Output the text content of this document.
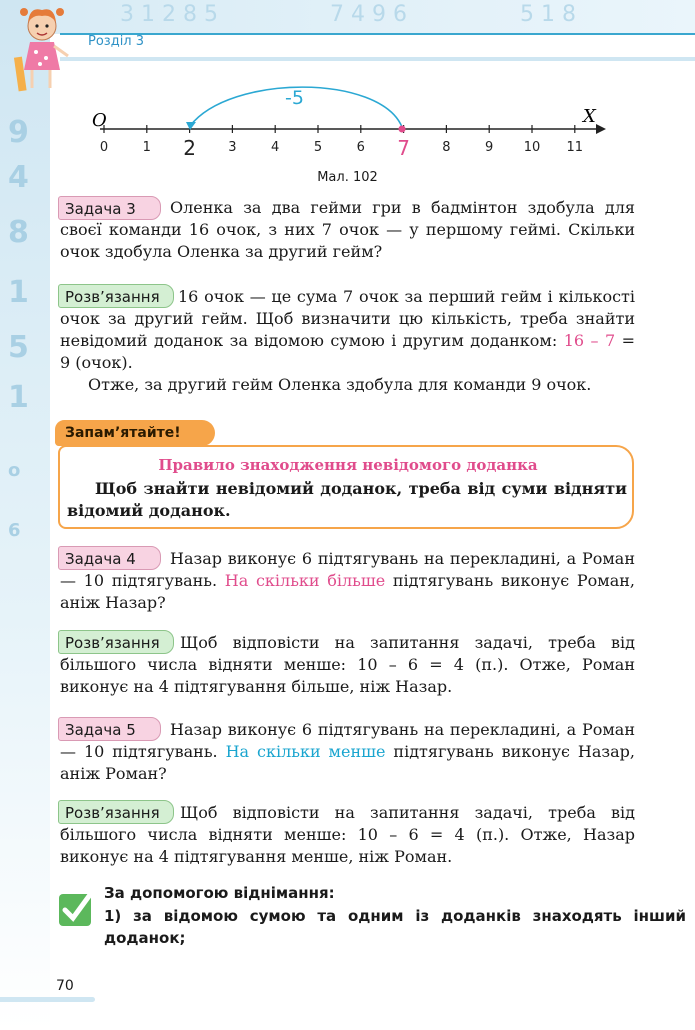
3 1 2 8 5	7 4 9 6	5 1 8
9
4
8
1
5
1
o
6
Розділ 3
O	X
0	1 2 3	4	5	6 7 8	9 10 11
-5
Мал. 102
Задача 3	Оленка за два гейми гри в бадмінтон здобула для своєї команди 16 очок, з них 7 очок — у першому геймі. Скільки очок здобула Оленка за другий гейм?
Розв’язання	16 очок — це сума 7 очок за перший гейм і кількості очок за другий гейм. Щоб визначити цю кількість, треба знайти невідомий доданок за відомою сумою і другим доданком: 16 – 7 = 9 (очок).
Отже, за другий гейм Оленка здобула для команди 9 очок.
Правило знаходження невідомого доданка
Щоб знайти невідомий доданок, треба від суми відняти відомий доданок.
Запам’ятайте!
Задача 4	Назар виконує 6 підтягувань на перекладині, а Роман — 10 підтягувань. На скільки більше підтягувань виконує Роман, аніж Назар?
Розв’язання	Щоб відповісти на запитання задачі, треба від більшого числа відняти менше: 10 – 6 = 4 (п.). Отже, Роман виконує на 4 підтягування більше, ніж Назар.
Задача 5	Назар виконує 6 підтягувань на перекладині, а Роман — 10 підтягувань. На скільки менше підтягувань виконує Назар, аніж Роман?
Розв’язання	Щоб відповісти на запитання задачі, треба від більшого числа відняти менше: 10 – 6 = 4 (п.). Отже, Назар виконує на 4 підтягування менше, ніж Роман.
За допомогою віднімання:
1) за відомою сумою та одним із доданків знаходять інший доданок;
70
